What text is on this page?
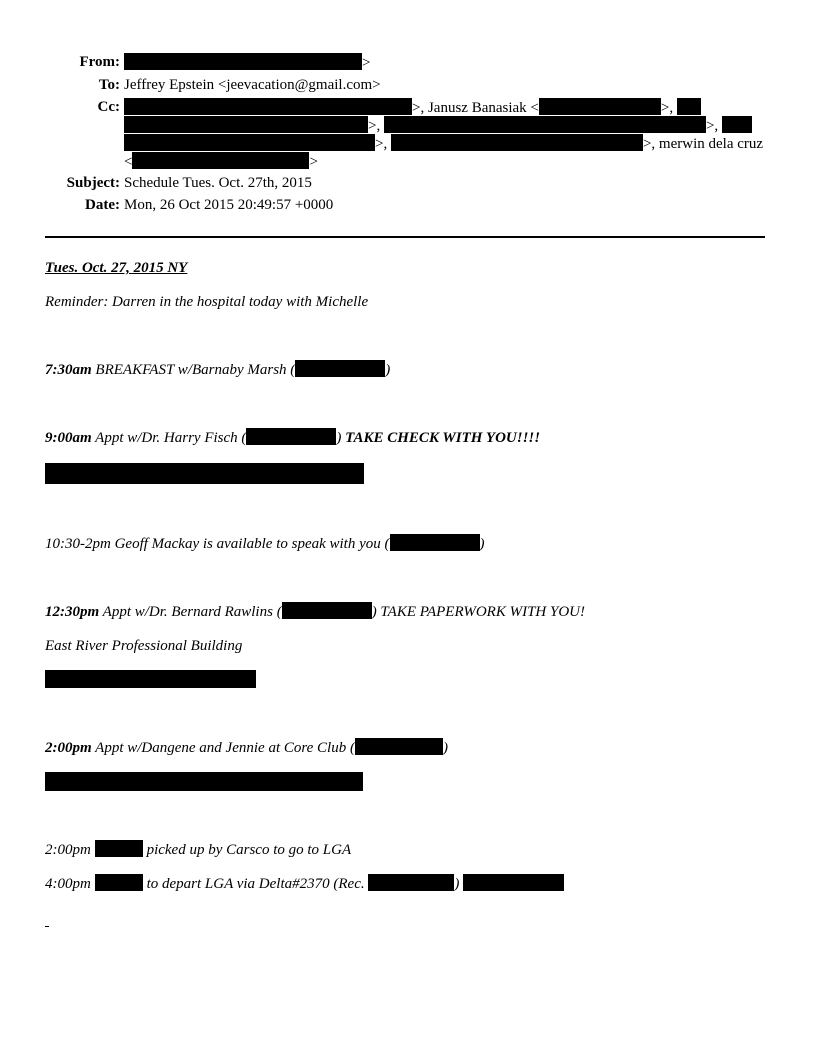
From:	>
To: Jeffrey Epstein <jeevacation@gmail.com>
Cc:	>, Janusz Banasiak <	>,
>,	>,
>,	>, merwin dela cruz
<	>
Subject: Schedule Tues. Oct. 27th, 2015
Date: Mon, 26 Oct 2015 20:49:57 +0000
Tues. Oct. 27, 2015 NY
Reminder: Darren in the hospital today with Michelle
7:30am BREAKFAST w/Barnaby Marsh (	)
9:00am Appt w/Dr. Harry Fisch (	) TAKE CHECK WITH YOU!!!!
10:30-2pm Geoff Mackay is available to speak with you (	)
12:30pm Appt w/Dr. Bernard Rawlins (	) TAKE PAPERWORK WITH YOU!
East River Professional Building
2:00pm Appt w/Dangene and Jennie at Core Club (	)
2:00pm	picked up by Carsco to go to LGA
4:00pm	to depart LGA via Delta#2370 (Rec.	)
